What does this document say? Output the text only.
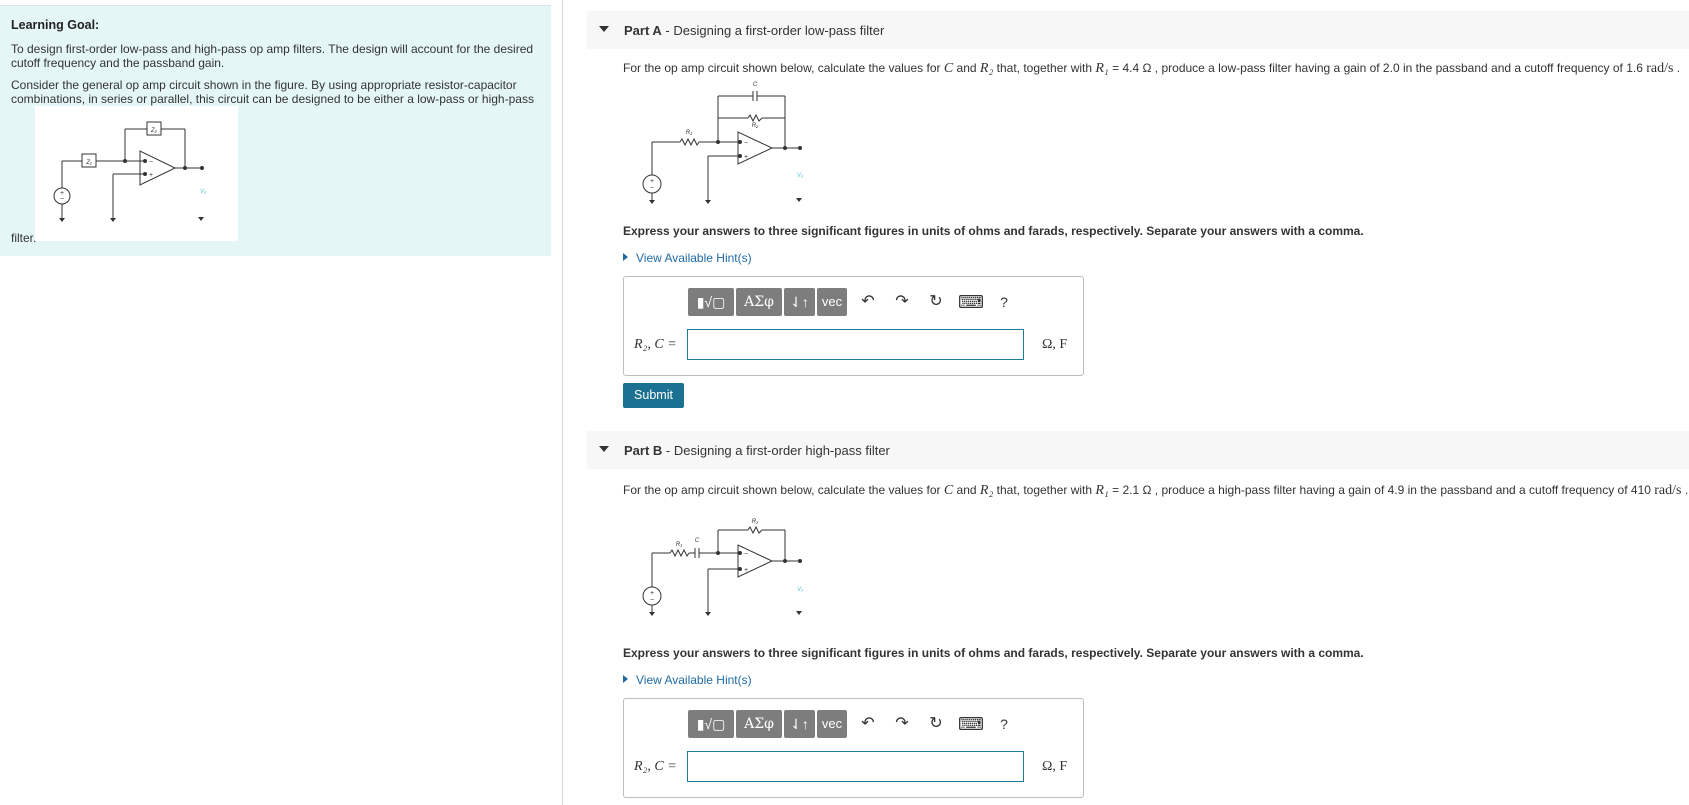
Learning Goal:
To design first-order low-pass and high-pass op amp filters. The design will account for the desired cutoff frequency and the passband gain.
Consider the general op amp circuit shown in the figure. By using appropriate resistor-capacitor combinations, in series or parallel, this circuit can be designed to be either a low-pass or high-pass
+
−
−
+
Z₁
Z₂
Vₒ
filter.
Part A - Designing a first-order low-pass filter
For the op amp circuit shown below, calculate the values for C and R₂ that, together with R₁ = 4.4 Ω , produce a low-pass filter having a gain of 2.0 in the passband and a cutoff frequency of 1.6 rad/s .
+
−
−
+
C
R₁
R₂
Vₒ
Express your answers to three significant figures in units of ohms and farads, respectively. Separate your answers with a comma.
View Available Hint(s)
▮√▢	ΑΣφ	⇃↑	vec	↶	↷	↻ ⌨	?
R₂, C =	Ω, F
Submit
Part B - Designing a first-order high-pass filter
For the op amp circuit shown below, calculate the values for C and R₂ that, together with R₁ = 2.1 Ω , produce a high-pass filter having a gain of 4.9 in the passband and a cutoff frequency of 410 rad/s .
+
−
−
+
C
R₁
R₂
Vₒ
Express your answers to three significant figures in units of ohms and farads, respectively. Separate your answers with a comma.
View Available Hint(s)
▮√▢	ΑΣφ	⇃↑	vec	↶	↷	↻ ⌨	?
R₂, C =	Ω, F
